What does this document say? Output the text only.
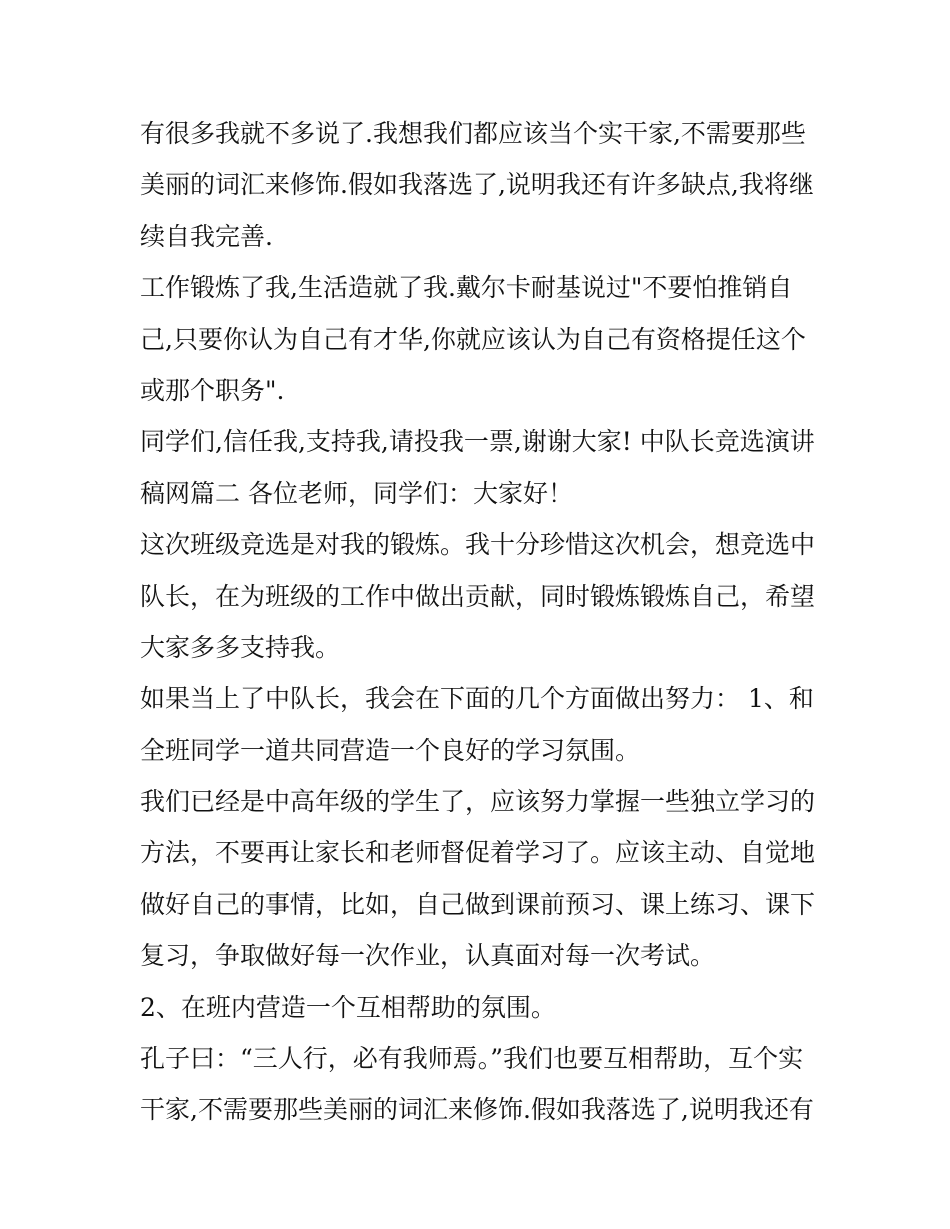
有很多我就不多说了.我想我们都应该当个实干家,不需要那些
美丽的词汇来修饰.假如我落选了,说明我还有许多缺点,我将继
续自我完善.
工作锻炼了我,生活造就了我.戴尔卡耐基说过"不要怕推销自
己,只要你认为自己有才华,你就应该认为自己有资格提任这个
或那个职务".
同学们,信任我,支持我,请投我一票,谢谢大家! 中队长竞选演讲
稿网篇二 各位老师，同学们：大家好！
这次班级竞选是对我的锻炼。我十分珍惜这次机会，想竞选中
队长，在为班级的工作中做出贡献，同时锻炼锻炼自己，希望
大家多多支持我。
如果当上了中队长，我会在下面的几个方面做出努力： 1、和
全班同学一道共同营造一个良好的学习氛围。
我们已经是中高年级的学生了，应该努力掌握一些独立学习的
方法，不要再让家长和老师督促着学习了。应该主动、自觉地
做好自己的事情，比如，自己做到课前预习、课上练习、课下
复习，争取做好每一次作业，认真面对每一次考试。
2、在班内营造一个互相帮助的氛围。
孔子曰：“三人行，必有我师焉。”我们也要互相帮助，互个实
干家,不需要那些美丽的词汇来修饰.假如我落选了,说明我还有
